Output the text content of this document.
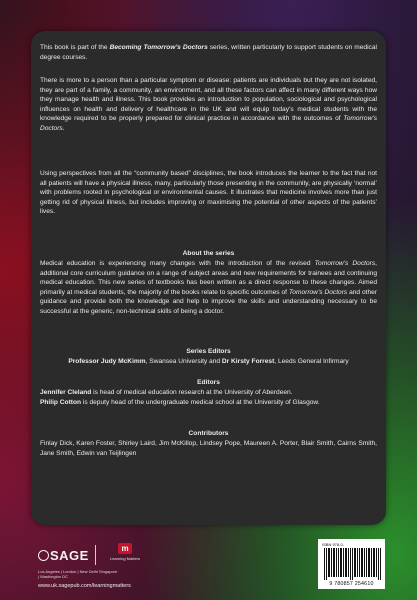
This book is part of the Becoming Tomorrow’s Doctors series, written particularly to support students on medical degree courses.

There is more to a person than a particular symptom or disease: patients are individuals but they are not isolated, they are part of a family, a community, an environment, and all these factors can affect in many different ways how they manage health and illness. This book provides an introduction to population, sociological and psychological influences on health and delivery of healthcare in the UK and will equip today’s medical students with the knowledge required to be properly prepared for clinical practice in accordance with the outcomes of Tomorrow’s Doctors.

Using perspectives from all the “community based” disciplines, the book introduces the learner to the fact that not all patients will have a physical illness, many, particularly those presenting in the community, are physically ‘normal’ with problems rooted in psychological or environmental causes. It illustrates that medicine involves more than just getting rid of physical illness, but includes improving or maximising the potential of other aspects of the patients’ lives.

About the series

Medical education is experiencing many changes with the introduction of the revised Tomorrow’s Doctors, additional core curriculum guidance on a range of subject areas and new requirements for trainees and continuing medical education. This new series of textbooks has been written as a direct response to these changes. Aimed primarily at medical students, the majority of the books relate to specific outcomes of Tomorrow’s Doctors and other guidance and provide both the knowledge and help to improve the skills and understanding necessary to be successful at the generic, non-technical skills of being a doctor.

Series Editors
Professor Judy McKimm, Swansea University and Dr Kirsty Forrest, Leeds General Infirmary
Editors

Jennifer Cleland is head of medical education research at the University of Aberdeen.

Philip Cotton is deputy head of the undergraduate medical school at the University of Glasgow.

Contributors
Finlay Dick, Karen Foster, Shirley Laird, Jim McKillop, Lindsey Pope, Maureen A. Porter, Blair Smith, Cairns Smith, Jane Smith, Edwin van Teijlingen
SAGE	m
Learning Matters
Los Angeles | London | New Delhi Singapore | Washington DC
www.uk.sagepub.com/learningmatters
ISBN 978-0-
9 780857 254610
